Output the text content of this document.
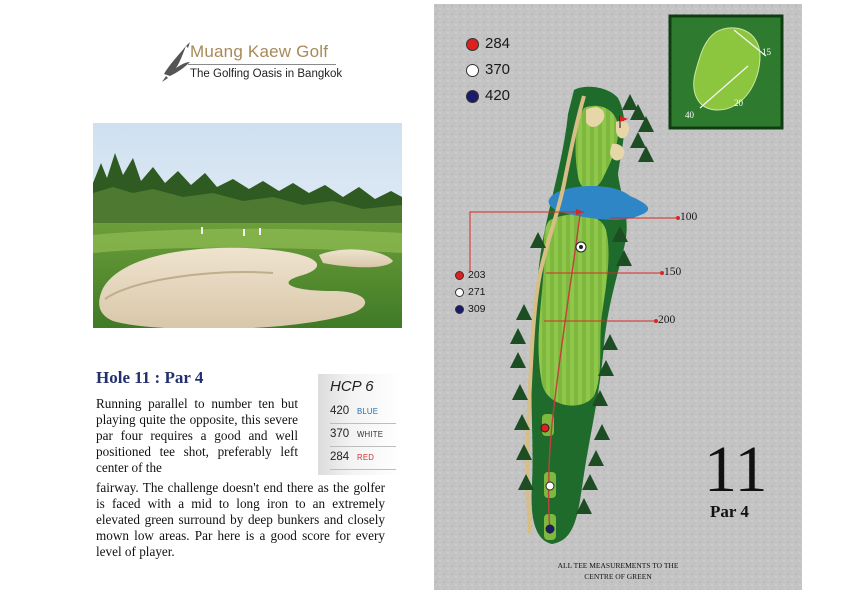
Muang Kaew Golf
The Golfing Oasis in Bangkok
Hole 11 : Par 4
Running parallel to number ten but playing quite the opposite, this severe par four requires a good and well positioned tee shot, preferably left center of the
fairway. The challenge doesn't end there as the golfer is faced with a mid to long iron to an extremely elevated green surround by deep bunkers and closely mown low areas. Par here is a good score for every level of player.
HCP 6
420 BLUE
370 WHITE
284 RED
284
370
420
203
271
309
100
150
200
15
20
40
11
Par 4
ALL TEE MEASUREMENTS TO THE CENTRE OF GREEN
